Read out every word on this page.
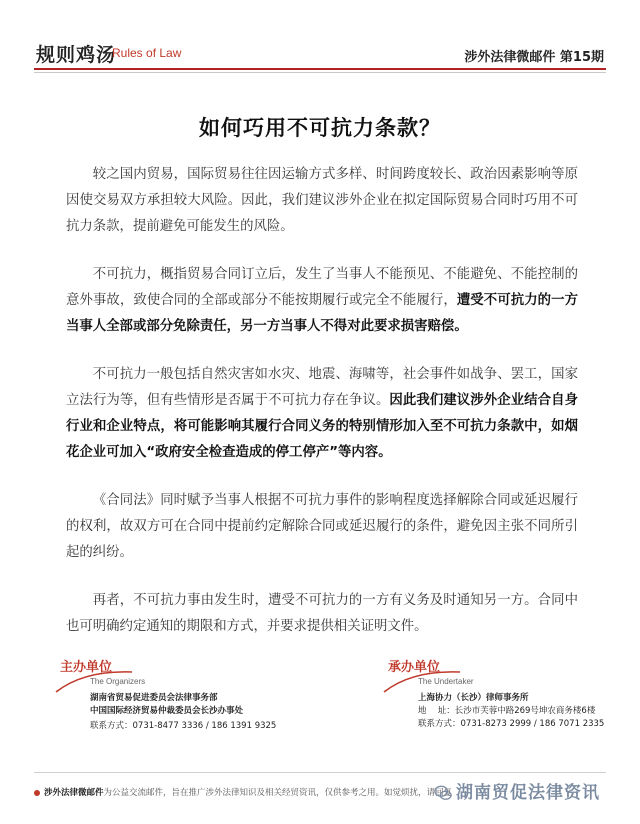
规则鸡汤
Rules of Law	涉外法律微邮件 第15期
如何巧用不可抗力条款？

较之国内贸易，国际贸易往往因运输方式多样、时间跨度较长、政治因素影响等原因使交易双方承担较大风险。因此，我们建议涉外企业在拟定国际贸易合同时巧用不可抗力条款，提前避免可能发生的风险。

不可抗力，概指贸易合同订立后，发生了当事人不能预见、不能避免、不能控制的意外事故，致使合同的全部或部分不能按期履行或完全不能履行，遭受不可抗力的一方当事人全部或部分免除责任，另一方当事人不得对此要求损害赔偿。

不可抗力一般包括自然灾害如水灾、地震、海啸等，社会事件如战争、罢工，国家立法行为等，但有些情形是否属于不可抗力存在争议。因此我们建议涉外企业结合自身行业和企业特点，将可能影响其履行合同义务的特别情形加入至不可抗力条款中，如烟花企业可加入“政府安全检查造成的停工停产”等内容。

《合同法》同时赋予当事人根据不可抗力事件的影响程度选择解除合同或延迟履行的权利，故双方可在合同中提前约定解除合同或延迟履行的条件，避免因主张不同所引起的纠纷。

再者，不可抗力事由发生时，遭受不可抗力的一方有义务及时通知另一方。合同中也可明确约定通知的期限和方式，并要求提供相关证明文件。

主办单位
The Organizers
湖南省贸易促进委员会法律事务部
中国国际经济贸易仲裁委员会长沙办事处
联系方式：0731-8477 3336 / 186 1391 9325
承办单位
The Undertaker
上海协力（长沙）律师事务所
地　 址：长沙市芙蓉中路269号坤农商务楼6楼
联系方式：0731-8273 2999 / 186 7071 2335
涉外法律微邮件为公益交流邮件，旨在推广涉外法律知识及相关经贸资讯，仅供参考之用。如觉烦扰，请回复 湖南贸促法律资讯
